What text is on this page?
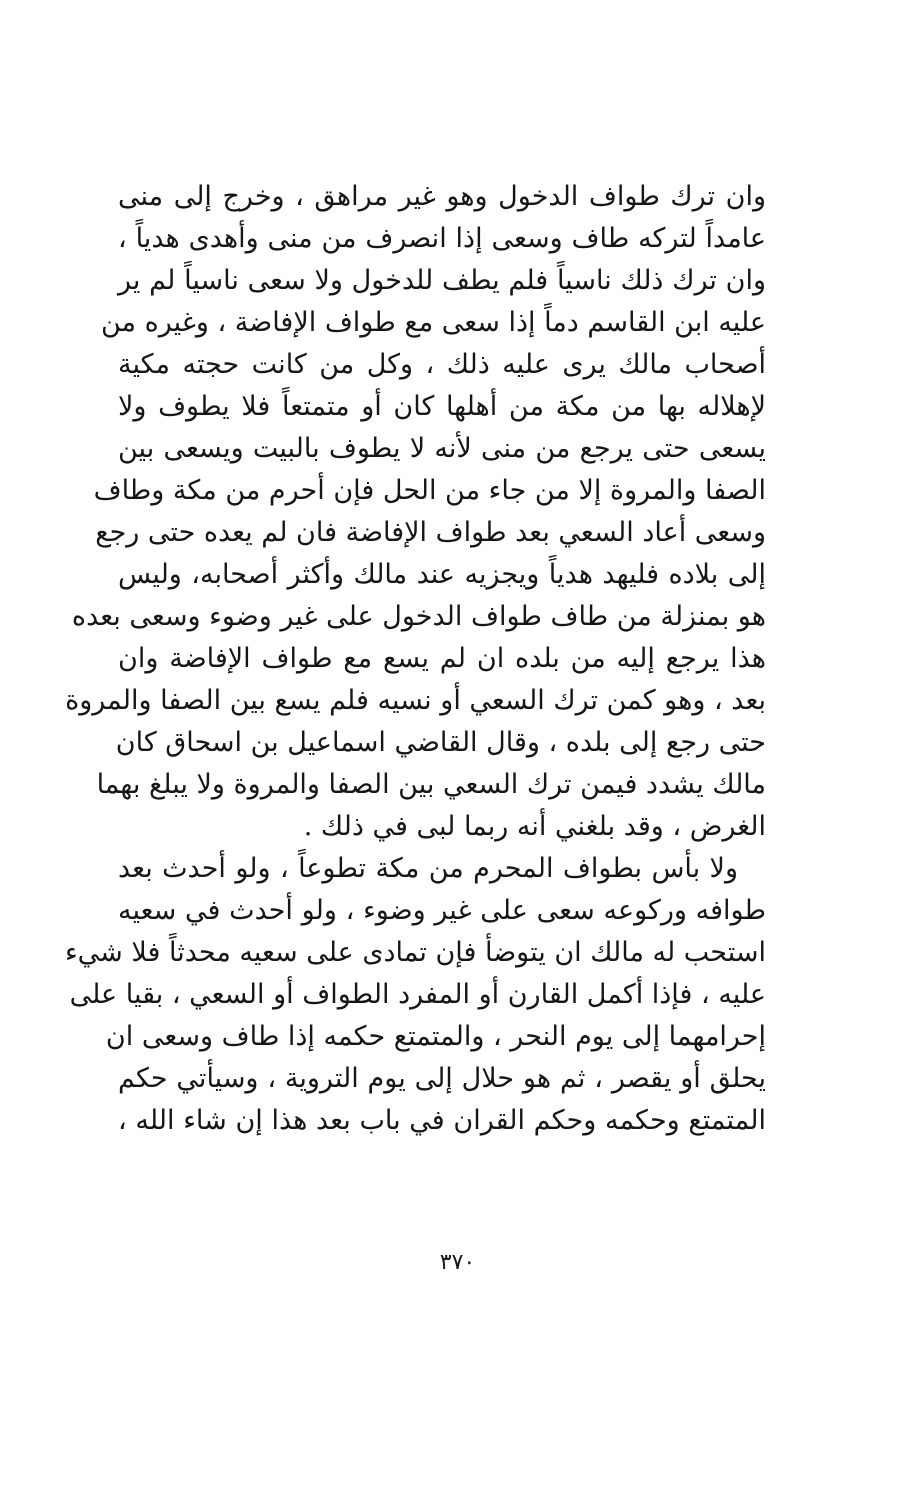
وان ترك طواف الدخول وهو غير مراهق ، وخرج إلى منى
عامداً لتركه طاف وسعى إذا انصرف من منى وأهدى هدياً ،
وان ترك ذلك ناسياً فلم يطف للدخول ولا سعى ناسياً لم ير
عليه ابن القاسم دماً إذا سعى مع طواف الإفاضة ، وغيره من
أصحاب مالك يرى عليه ذلك ، وكل من كانت حجته مكية
لإهلاله بها من مكة من أهلها كان أو متمتعاً فلا يطوف ولا
يسعى حتى يرجع من منى لأنه لا يطوف بالبيت ويسعى بين
الصفا والمروة إلا من جاء من الحل فإن أحرم من مكة وطاف
وسعى أعاد السعي بعد طواف الإفاضة فان لم يعده حتى رجع
إلى بلاده فليهد هدياً ويجزيه عند مالك وأكثر أصحابه، وليس
هو بمنزلة من طاف طواف الدخول على غير وضوء وسعى بعده
هذا يرجع إليه من بلده ان لم يسع مع طواف الإفاضة وان
بعد ، وهو كمن ترك السعي أو نسيه فلم يسع بين الصفا والمروة
حتى رجع إلى بلده ، وقال القاضي اسماعيل بن اسحاق كان
مالك يشدد فيمن ترك السعي بين الصفا والمروة ولا يبلغ بهما
الغرض ، وقد بلغني أنه ربما لبى في ذلك .
ولا بأس بطواف المحرم من مكة تطوعاً ، ولو أحدث بعد
طوافه وركوعه سعى على غير وضوء ، ولو أحدث في سعيه
استحب له مالك ان يتوضأ فإن تمادى على سعيه محدثاً فلا شيء
عليه ، فإذا أكمل القارن أو المفرد الطواف أو السعي ، بقيا على
إحرامهما إلى يوم النحر ، والمتمتع حكمه إذا طاف وسعى ان
يحلق أو يقصر ، ثم هو حلال إلى يوم التروية ، وسيأتي حكم
المتمتع وحكمه وحكم القران في باب بعد هذا إن شاء الله ،
٣٧٠
